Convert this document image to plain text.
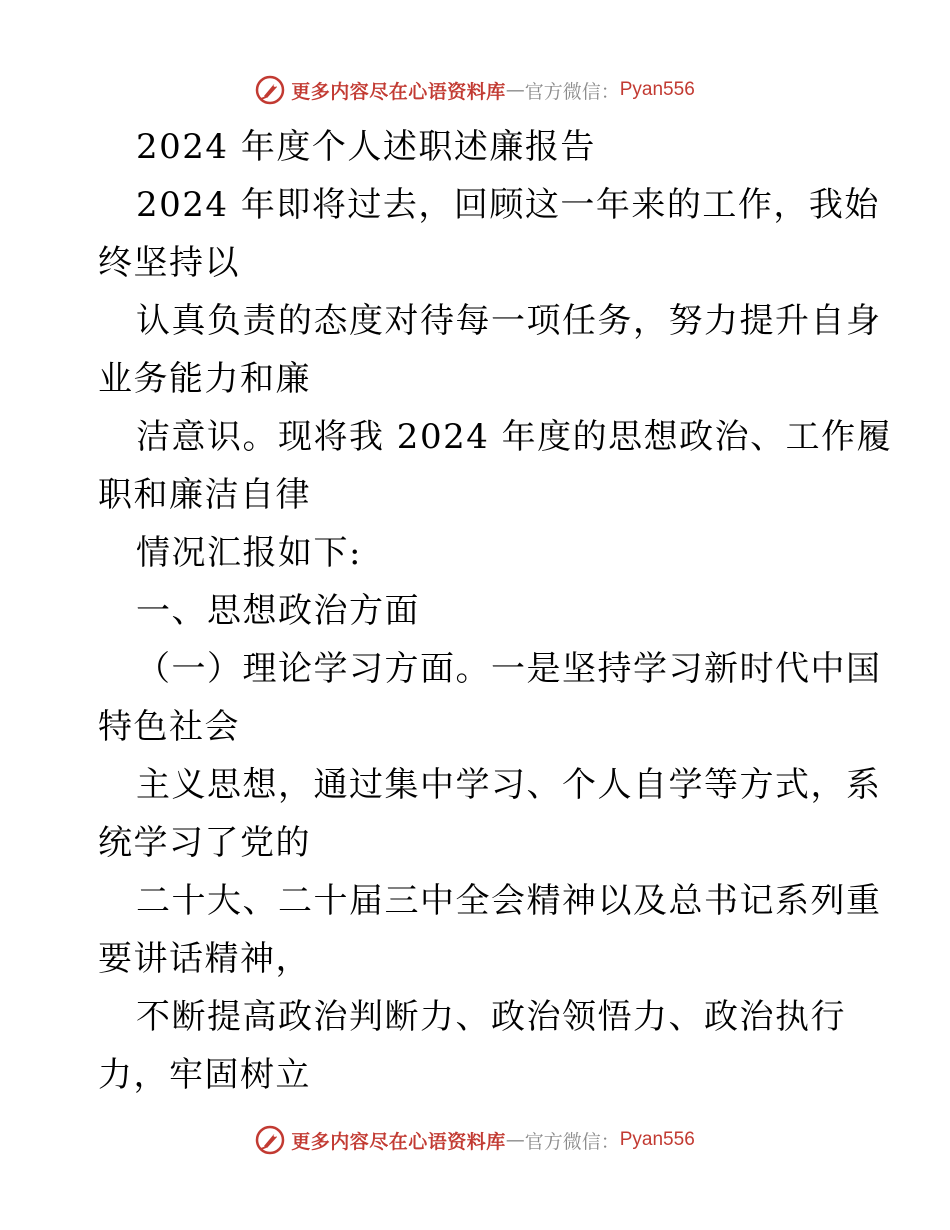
更多内容尽在心语资料库 — 官方微信： Pyan556
2024 年度个人述职述廉报告
2024 年即将过去，回顾这一年来的工作，我始
终坚持以
认真负责的态度对待每一项任务，努力提升自身
业务能力和廉
洁意识。现将我 2024 年度的思想政治、工作履
职和廉洁自律
情况汇报如下:
一、思想政治方面
（一）理论学习方面。一是坚持学习新时代中国
特色社会
主义思想，通过集中学习、个人自学等方式，系
统学习了党的
二十大、二十届三中全会精神以及总书记系列重
要讲话精神，
不断提高政治判断力、政治领悟力、政治执行
力，牢固树立
更多内容尽在心语资料库 — 官方微信： Pyan556
